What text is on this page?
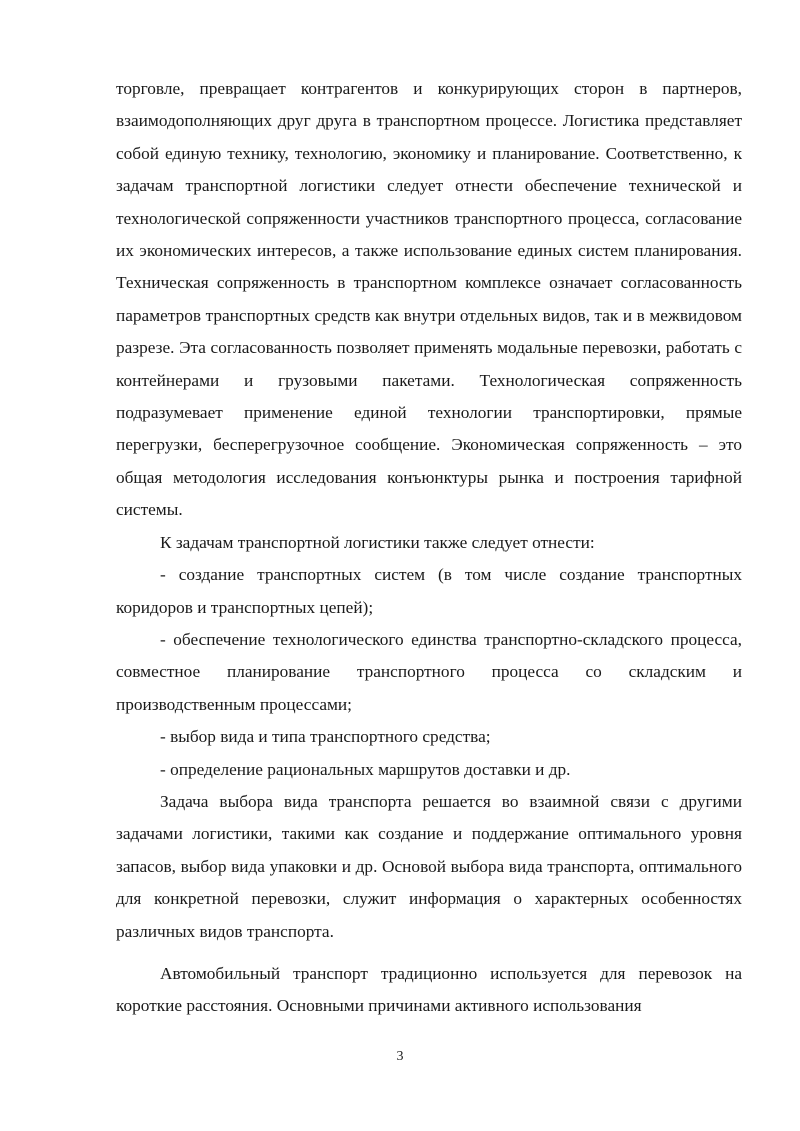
торговле, превращает контрагентов и конкурирующих сторон в партнеров, взаимодополняющих друг друга в транспортном процессе. Логистика представляет собой единую технику, технологию, экономику и планирование. Соответственно, к задачам транспортной логистики следует отнести обеспечение технической и технологической сопряженности участников транспортного процесса, согласование их экономических интересов, а также использование единых систем планирования. Техническая сопряженность в транспортном комплексе означает согласованность параметров транспортных средств как внутри отдельных видов, так и в межвидовом разрезе. Эта согласованность позволяет применять модальные перевозки, работать с контейнерами и грузовыми пакетами. Технологическая сопряженность подразумевает применение единой технологии транспортировки, прямые перегрузки, бесперегрузочное сообщение. Экономическая сопряженность – это общая методология исследования конъюнктуры рынка и построения тарифной системы.

К задачам транспортной логистики также следует отнести:

- создание транспортных систем (в том числе создание транспортных коридоров и транспортных цепей);

- обеспечение технологического единства транспортно-складского процесса, совместное планирование транспортного процесса со складским и производственным процессами;

- выбор вида и типа транспортного средства;

- определение рациональных маршрутов доставки и др.

Задача выбора вида транспорта решается во взаимной связи с другими задачами логистики, такими как создание и поддержание оптимального уровня запасов, выбор вида упаковки и др. Основой выбора вида транспорта, оптимального для конкретной перевозки, служит информация о характерных особенностях различных видов транспорта.

Автомобильный транспорт традиционно используется для перевозок на короткие расстояния. Основными причинами активного использования

3
